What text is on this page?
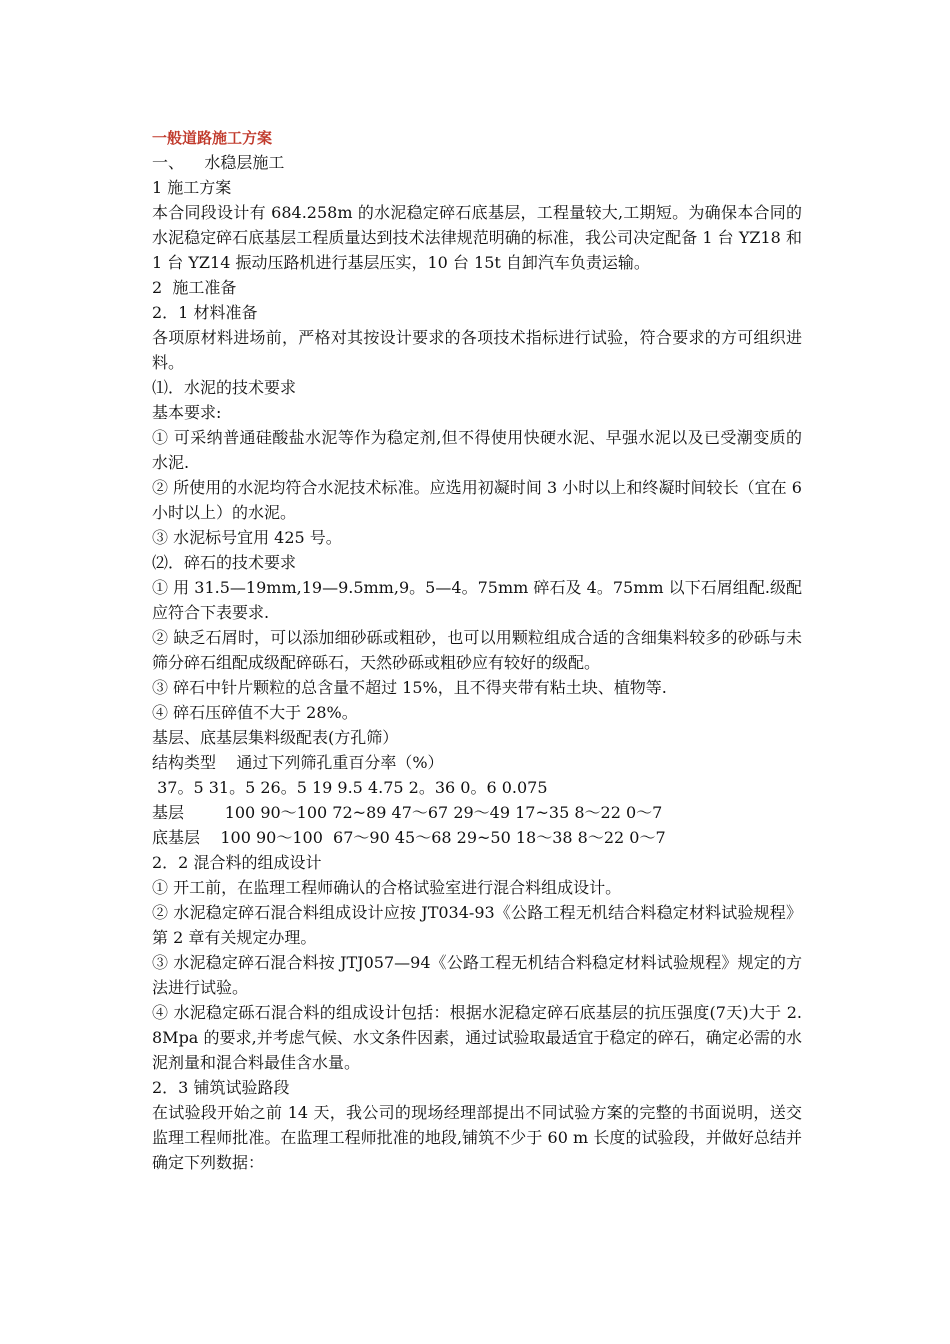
一般道路施工方案
一、    水稳层施工
1 施工方案
本合同段设计有 684.258m 的水泥稳定碎石底基层，工程量较大,工期短。为确保本合同的水泥稳定碎石底基层工程质量达到技术法律规范明确的标准，我公司决定配备 1 台 YZ18 和 1 台 YZ14 振动压路机进行基层压实，10 台 15t 自卸汽车负责运输。
2  施工准备
2．1 材料准备
各项原材料进场前，严格对其按设计要求的各项技术指标进行试验，符合要求的方可组织进料。
⑴．水泥的技术要求
基本要求:
① 可采纳普通硅酸盐水泥等作为稳定剂,但不得使用快硬水泥、早强水泥以及已受潮变质的水泥.
② 所使用的水泥均符合水泥技术标准。应选用初凝时间 3 小时以上和终凝时间较长（宜在 6 小时以上）的水泥。
③ 水泥标号宜用 425 号。
⑵．碎石的技术要求
① 用 31.5—19mm,19—9.5mm,9。5—4。75mm 碎石及 4。75mm 以下石屑组配.级配应符合下表要求.
② 缺乏石屑时，可以添加细砂砾或粗砂，也可以用颗粒组成合适的含细集料较多的砂砾与未筛分碎石组配成级配碎砾石，天然砂砾或粗砂应有较好的级配。
③ 碎石中针片颗粒的总含量不超过 15%，且不得夹带有粘土块、植物等.
④ 碎石压碎值不大于 28%。
基层、底基层集料级配表(方孔筛）
结构类型    通过下列筛孔重百分率（%）
37。5 31。5 26。5 19 9.5 4.75 2。36 0。6 0.075
基层        100 90～100 72~89 47～67 29～49 17~35 8～22 0～7
底基层    100 90～100  67～90 45～68 29~50 18～38 8～22 0～7
2．2 混合料的组成设计
① 开工前，在监理工程师确认的合格试验室进行混合料组成设计。
② 水泥稳定碎石混合料组成设计应按 JT034-93《公路工程无机结合料稳定材料试验规程》第 2 章有关规定办理。
③ 水泥稳定碎石混合料按 JTJ057—94《公路工程无机结合料稳定材料试验规程》规定的方法进行试验。
④ 水泥稳定砾石混合料的组成设计包括：根据水泥稳定碎石底基层的抗压强度(7天)大于 2.8Mpa 的要求,并考虑气候、水文条件因素，通过试验取最适宜于稳定的碎石，确定必需的水泥剂量和混合料最佳含水量。
2．3 铺筑试验路段
在试验段开始之前 14 天，我公司的现场经理部提出不同试验方案的完整的书面说明，送交监理工程师批准。在监理工程师批准的地段,铺筑不少于 60 m 长度的试验段，并做好总结并确定下列数据：
